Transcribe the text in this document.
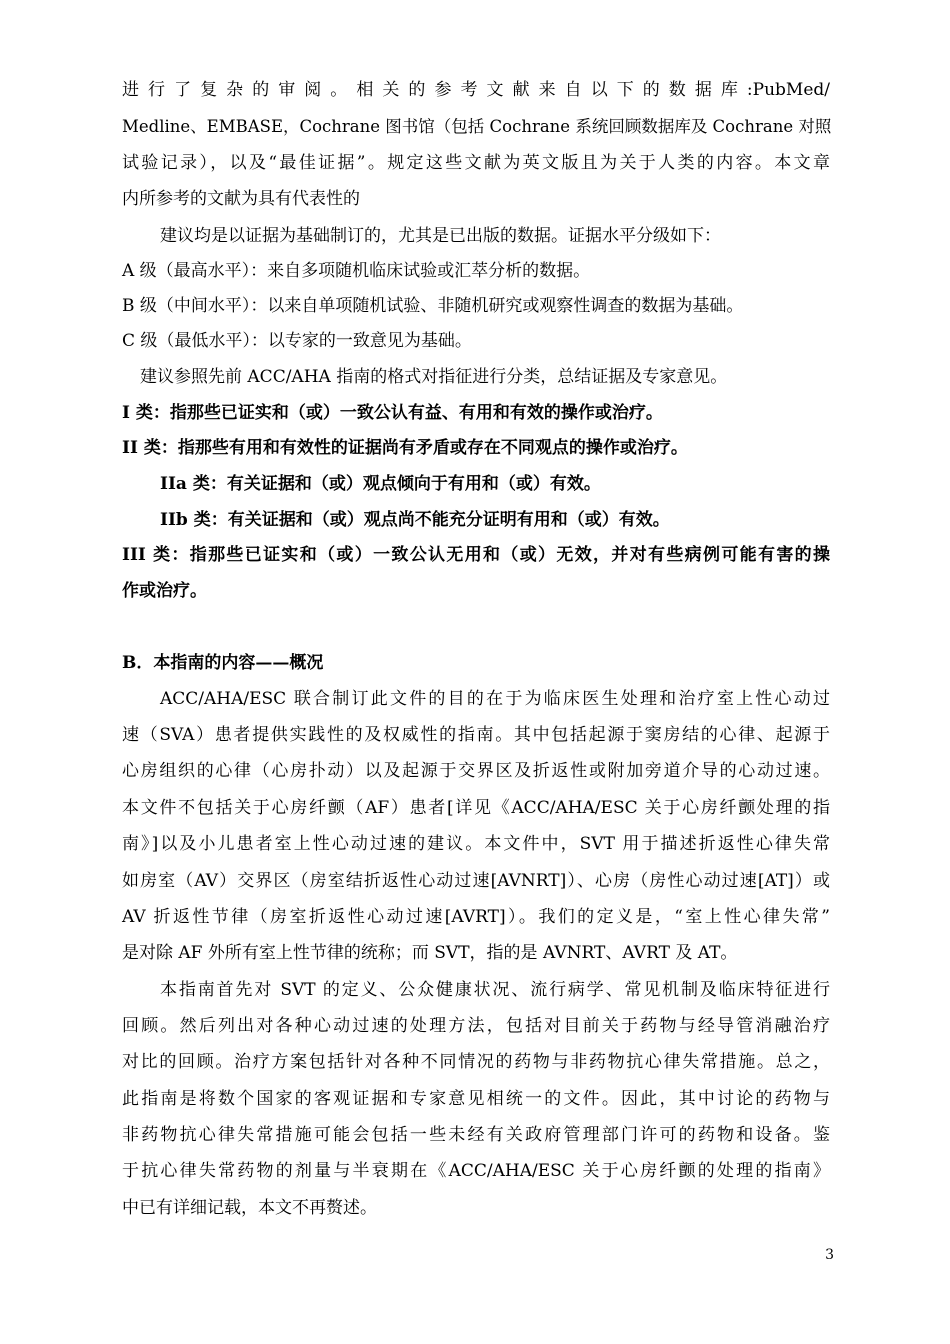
进 行 了 复 杂 的 审 阅 。 相 关 的 参 考 文 献 来 自 以 下 的 数 据 库 :PubMed/
Medline、EMBASE，Cochrane 图书馆（包括 Cochrane 系统回顾数据库及 Cochrane 对照
试验记录），以及“最佳证据”。规定这些文献为英文版且为关于人类的内容。本文章
内所参考的文献为具有代表性的
建议均是以证据为基础制订的，尤其是已出版的数据。证据水平分级如下：
A 级（最高水平）：来自多项随机临床试验或汇萃分析的数据。
B 级（中间水平）：以来自单项随机试验、非随机研究或观察性调查的数据为基础。
C 级（最低水平）：以专家的一致意见为基础。
建议参照先前 ACC/AHA 指南的格式对指征进行分类，总结证据及专家意见。
I 类：指那些已证实和（或）一致公认有益、有用和有效的操作或治疗。
II 类：指那些有用和有效性的证据尚有矛盾或存在不同观点的操作或治疗。
IIa 类：有关证据和（或）观点倾向于有用和（或）有效。
IIb 类：有关证据和（或）观点尚不能充分证明有用和（或）有效。
III 类：指那些已证实和（或）一致公认无用和（或）无效，并对有些病例可能有害的操
作或治疗。
B．本指南的内容——概况
ACC/AHA/ESC 联合制订此文件的目的在于为临床医生处理和治疗室上性心动过
速（SVA）患者提供实践性的及权威性的指南。其中包括起源于窦房结的心律、起源于
心房组织的心律（心房扑动）以及起源于交界区及折返性或附加旁道介导的心动过速。
本文件不包括关于心房纤颤（AF）患者[详见《ACC/AHA/ESC 关于心房纤颤处理的指
南》]以及小儿患者室上性心动过速的建议。本文件中，SVT 用于描述折返性心律失常
如房室（AV）交界区（房室结折返性心动过速[AVNRT]）、心房（房性心动过速[AT]）或
AV 折返性节律（房室折返性心动过速[AVRT]）。我们的定义是，“室上性心律失常”
是对除 AF 外所有室上性节律的统称；而 SVT，指的是 AVNRT、AVRT 及 AT。
本指南首先对 SVT 的定义、公众健康状况、流行病学、常见机制及临床特征进行
回顾。然后列出对各种心动过速的处理方法，包括对目前关于药物与经导管消融治疗
对比的回顾。治疗方案包括针对各种不同情况的药物与非药物抗心律失常措施。总之，
此指南是将数个国家的客观证据和专家意见相统一的文件。因此，其中讨论的药物与
非药物抗心律失常措施可能会包括一些未经有关政府管理部门许可的药物和设备。鉴
于抗心律失常药物的剂量与半衰期在《ACC/AHA/ESC 关于心房纤颤的处理的指南》
中已有详细记载，本文不再赘述。
3
